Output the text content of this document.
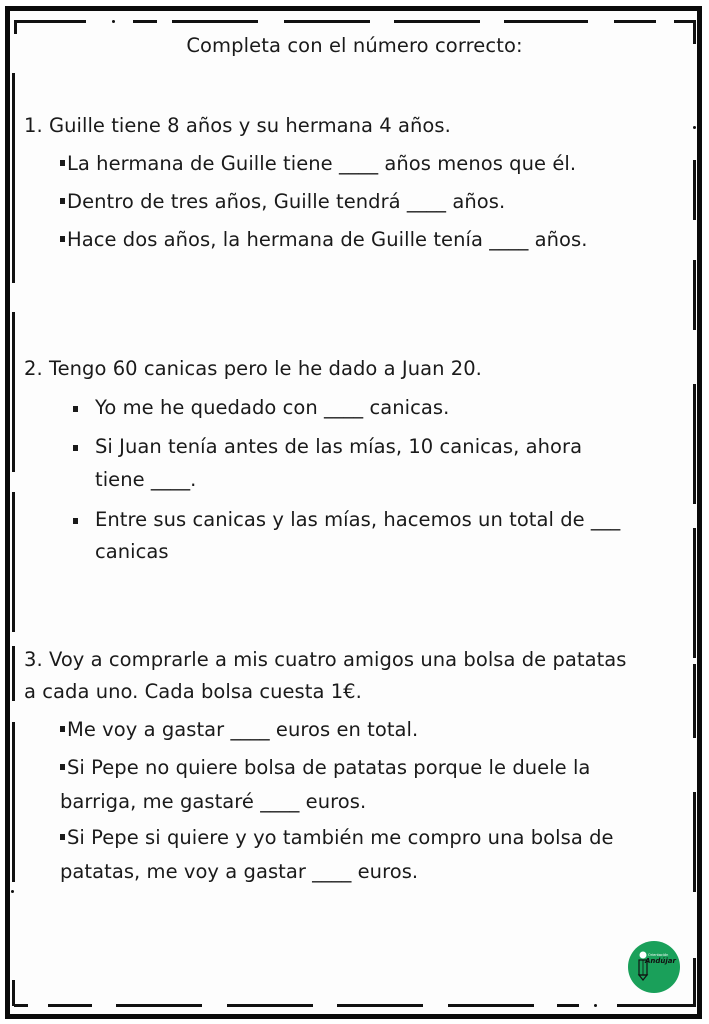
Completa con el número correcto:
1. Guille tiene 8 años y su hermana 4 años.
La hermana de Guille tiene ____ años menos que él.
Dentro de tres años, Guille tendrá ____ años.
Hace dos años, la hermana de Guille tenía ____ años.
2. Tengo 60 canicas pero le he dado a Juan 20.
Yo me he quedado con ____ canicas.
Si Juan tenía antes de las mías, 10 canicas, ahora
tiene ____.
Entre sus canicas y las mías, hacemos un total de ___
canicas
3. Voy a comprarle a mis cuatro amigos una bolsa de patatas
a cada uno. Cada bolsa cuesta 1€.
Me voy a gastar ____ euros en total.
Si Pepe no quiere bolsa de patatas porque le duele la
barriga, me gastaré ____ euros.
Si Pepe si quiere y yo también me compro una bolsa de
patatas, me voy a gastar ____ euros.
Orientación
Andújar
